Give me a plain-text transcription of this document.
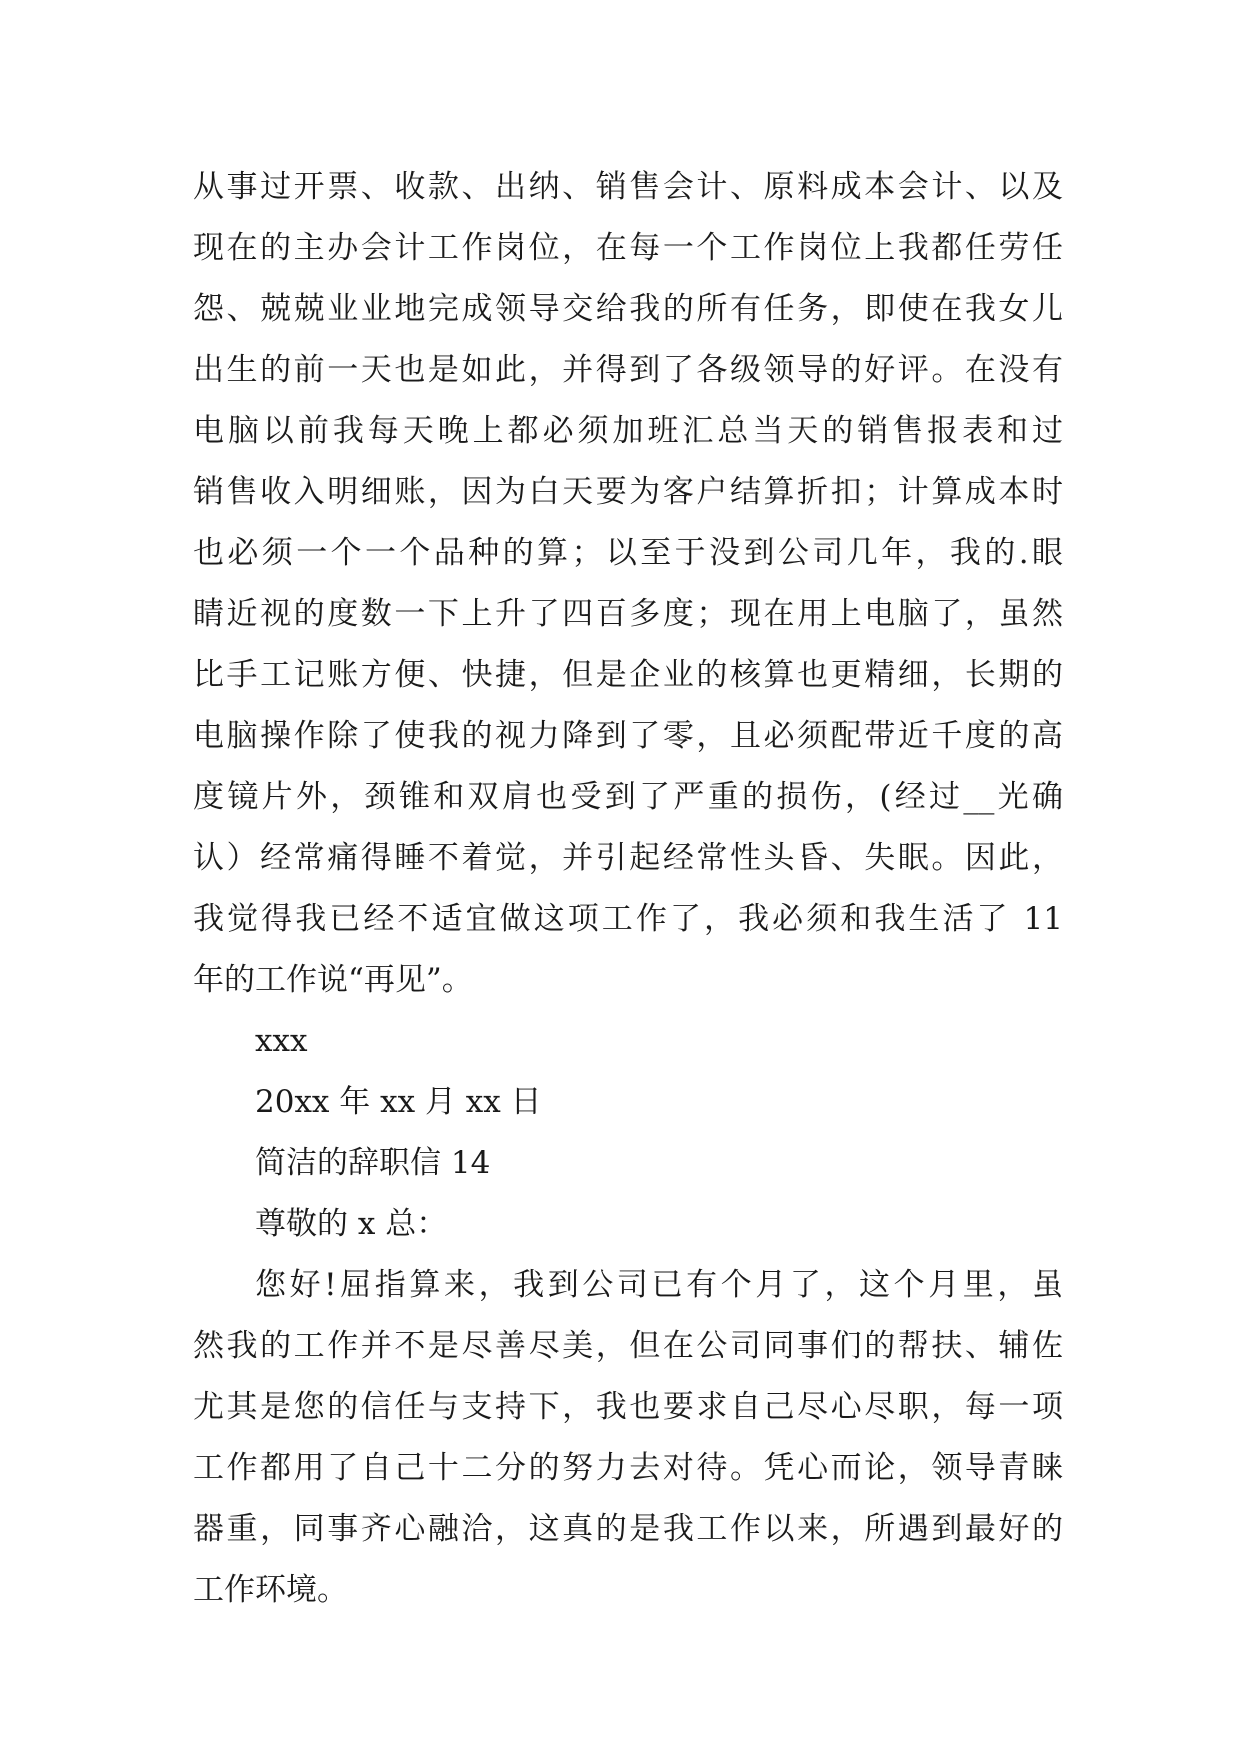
从事过开票、收款、出纳、销售会计、原料成本会计、以及
现在的主办会计工作岗位，在每一个工作岗位上我都任劳任
怨、兢兢业业地完成领导交给我的所有任务，即使在我女儿
出生的前一天也是如此，并得到了各级领导的好评。在没有
电脑以前我每天晚上都必须加班汇总当天的销售报表和过
销售收入明细账，因为白天要为客户结算折扣；计算成本时
也必须一个一个品种的算；以至于没到公司几年，我的.眼
睛近视的度数一下上升了四百多度；现在用上电脑了，虽然
比手工记账方便、快捷，但是企业的核算也更精细，长期的
电脑操作除了使我的视力降到了零，且必须配带近千度的高
度镜片外，颈锥和双肩也受到了严重的损伤，(经过__光确
认）经常痛得睡不着觉，并引起经常性头昏、失眠。因此，
我觉得我已经不适宜做这项工作了，我必须和我生活了 11
年的工作说“再见”。
xxx
20xx 年 xx 月 xx 日
简洁的辞职信 14
尊敬的 x 总：
您好!屈指算来，我到公司已有个月了，这个月里，虽
然我的工作并不是尽善尽美，但在公司同事们的帮扶、辅佐
尤其是您的信任与支持下，我也要求自己尽心尽职，每一项
工作都用了自己十二分的努力去对待。凭心而论，领导青睐
器重，同事齐心融洽，这真的是我工作以来，所遇到最好的
工作环境。
